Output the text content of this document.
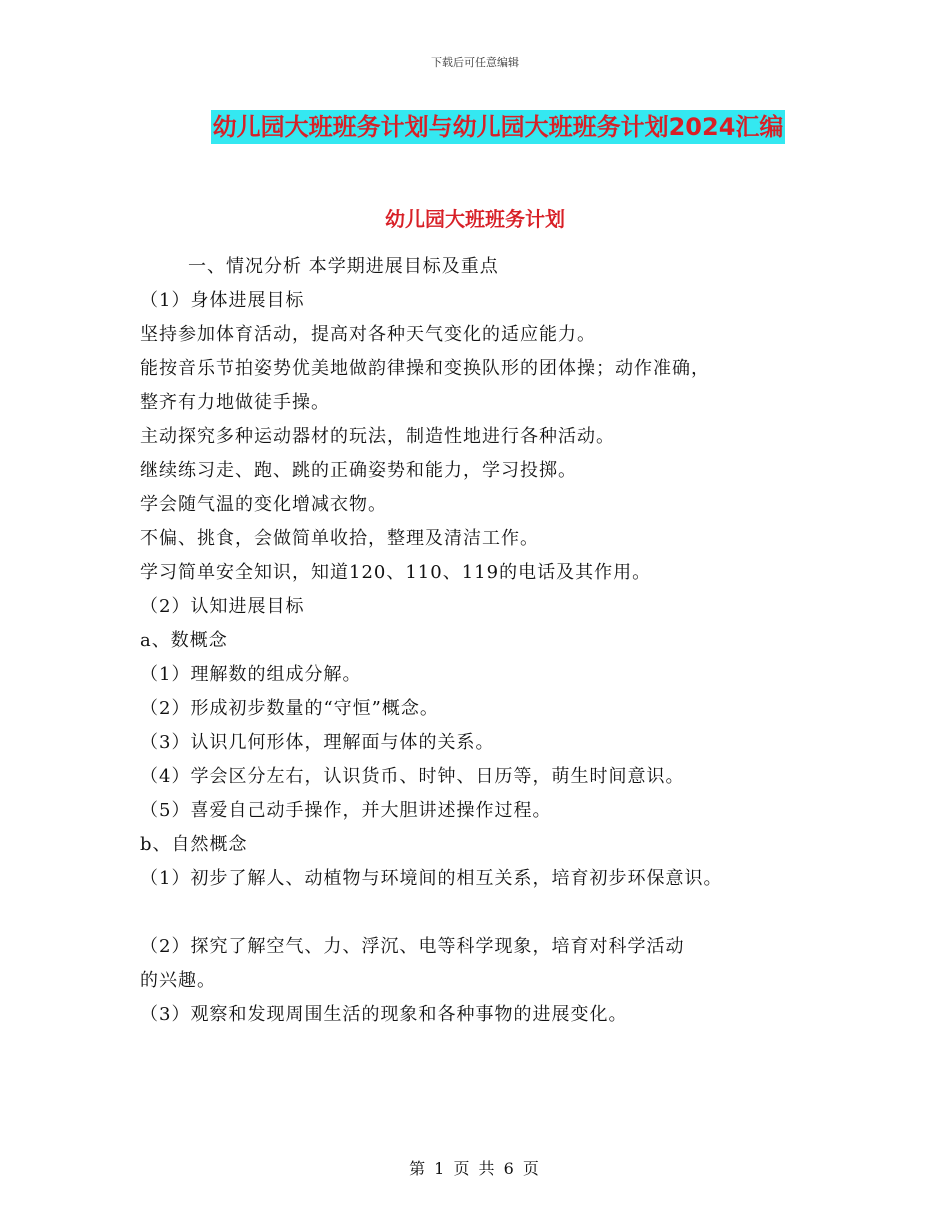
下载后可任意编辑
幼儿园大班班务计划与幼儿园大班班务计划2024汇编
幼儿园大班班务计划
一、情况分析 本学期进展目标及重点
（1）身体进展目标
坚持参加体育活动，提高对各种天气变化的适应能力。
能按音乐节拍姿势优美地做韵律操和变换队形的团体操；动作准确，
整齐有力地做徒手操。
主动探究多种运动器材的玩法，制造性地进行各种活动。
继续练习走、跑、跳的正确姿势和能力，学习投掷。
学会随气温的变化增减衣物。
不偏、挑食，会做简单收拾，整理及清洁工作。
学习简单安全知识，知道120、110、119的电话及其作用。
（2）认知进展目标
a、数概念
（1）理解数的组成分解。
（2）形成初步数量的“守恒”概念。
（3）认识几何形体，理解面与体的关系。
（4）学会区分左右，认识货币、时钟、日历等，萌生时间意识。
（5）喜爱自己动手操作，并大胆讲述操作过程。
b、自然概念
（1）初步了解人、动植物与环境间的相互关系，培育初步环保意识。
（2）探究了解空气、力、浮沉、电等科学现象，培育对科学活动
的兴趣。
（3）观察和发现周围生活的现象和各种事物的进展变化。
第 1 页 共 6 页
